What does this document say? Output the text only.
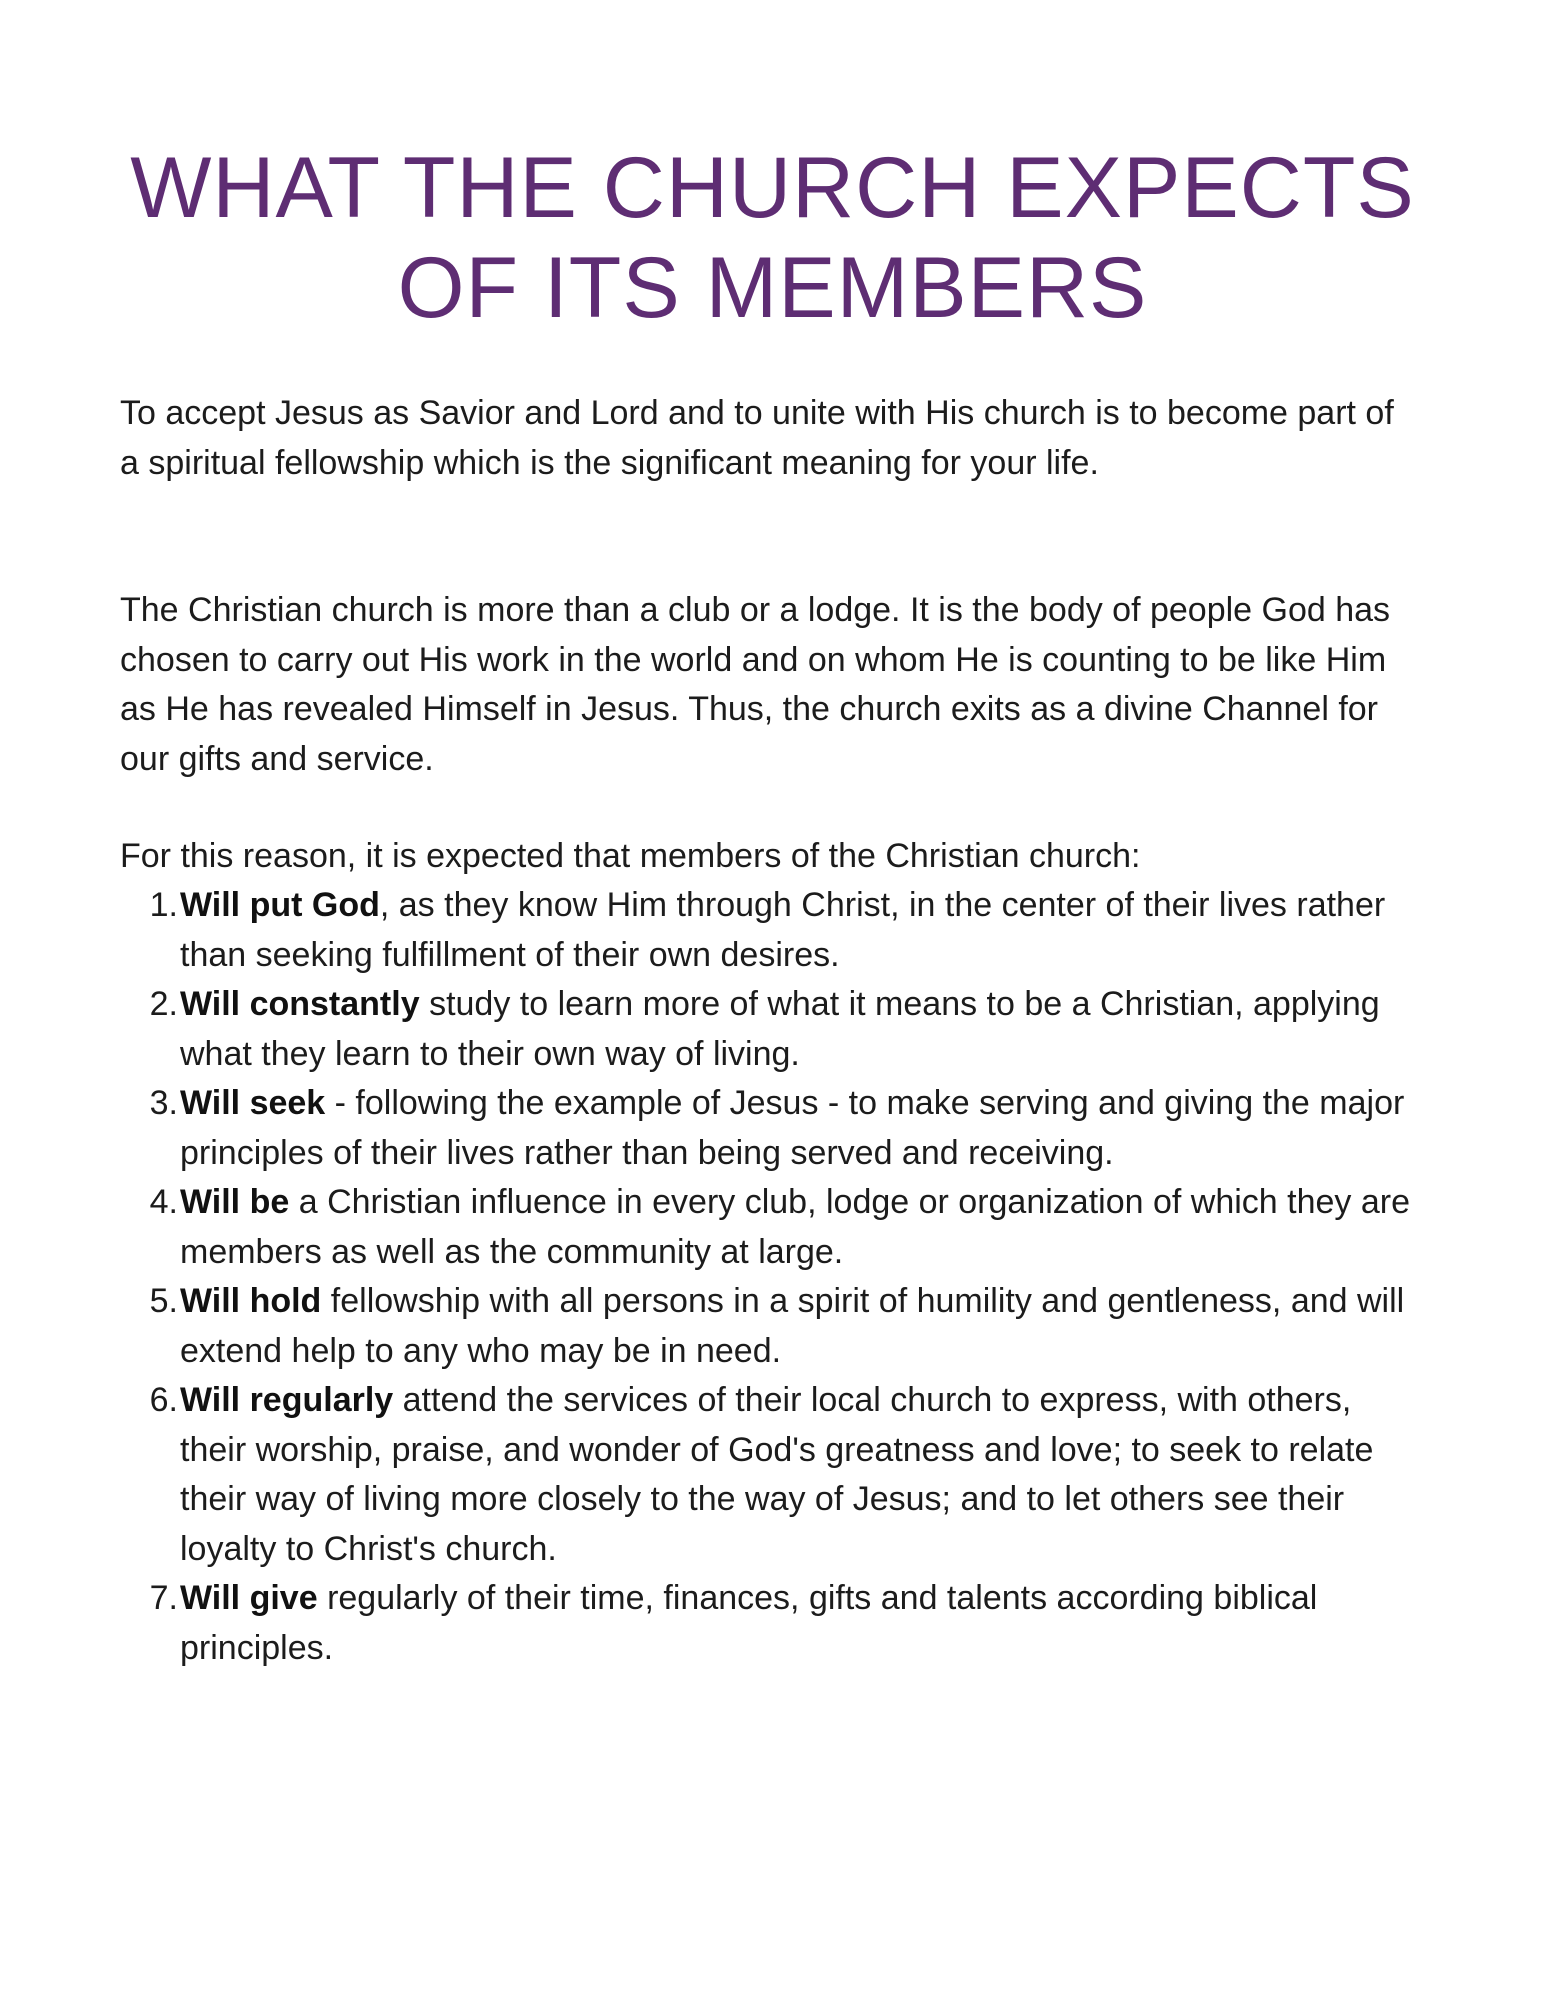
WHAT THE CHURCH EXPECTS
OF ITS MEMBERS

To accept Jesus as Savior and Lord and to unite with His church is to become part of a spiritual fellowship which is the significant meaning for your life.

The Christian church is more than a club or a lodge. It is the body of people God has chosen to carry out His work in the world and on whom He is counting to be like Him as He has revealed Himself in Jesus. Thus, the church exits as a divine Channel for our gifts and service.

For this reason, it is expected that members of the Christian church:

1. Will put God, as they know Him through Christ, in the center of their lives rather than seeking fulfillment of their own desires.
2. Will constantly study to learn more of what it means to be a Christian, applying what they learn to their own way of living.
3. Will seek - following the example of Jesus - to make serving and giving the major principles of their lives rather than being served and receiving.
4. Will be a Christian influence in every club, lodge or organization of which they are members as well as the community at large.
5. Will hold fellowship with all persons in a spirit of humility and gentleness, and will extend help to any who may be in need.
6. Will regularly attend the services of their local church to express, with others, their worship, praise, and wonder of God's greatness and love; to seek to relate their way of living more closely to the way of Jesus; and to let others see their loyalty to Christ's church.
7. Will give regularly of their time, finances, gifts and talents according biblical principles.
